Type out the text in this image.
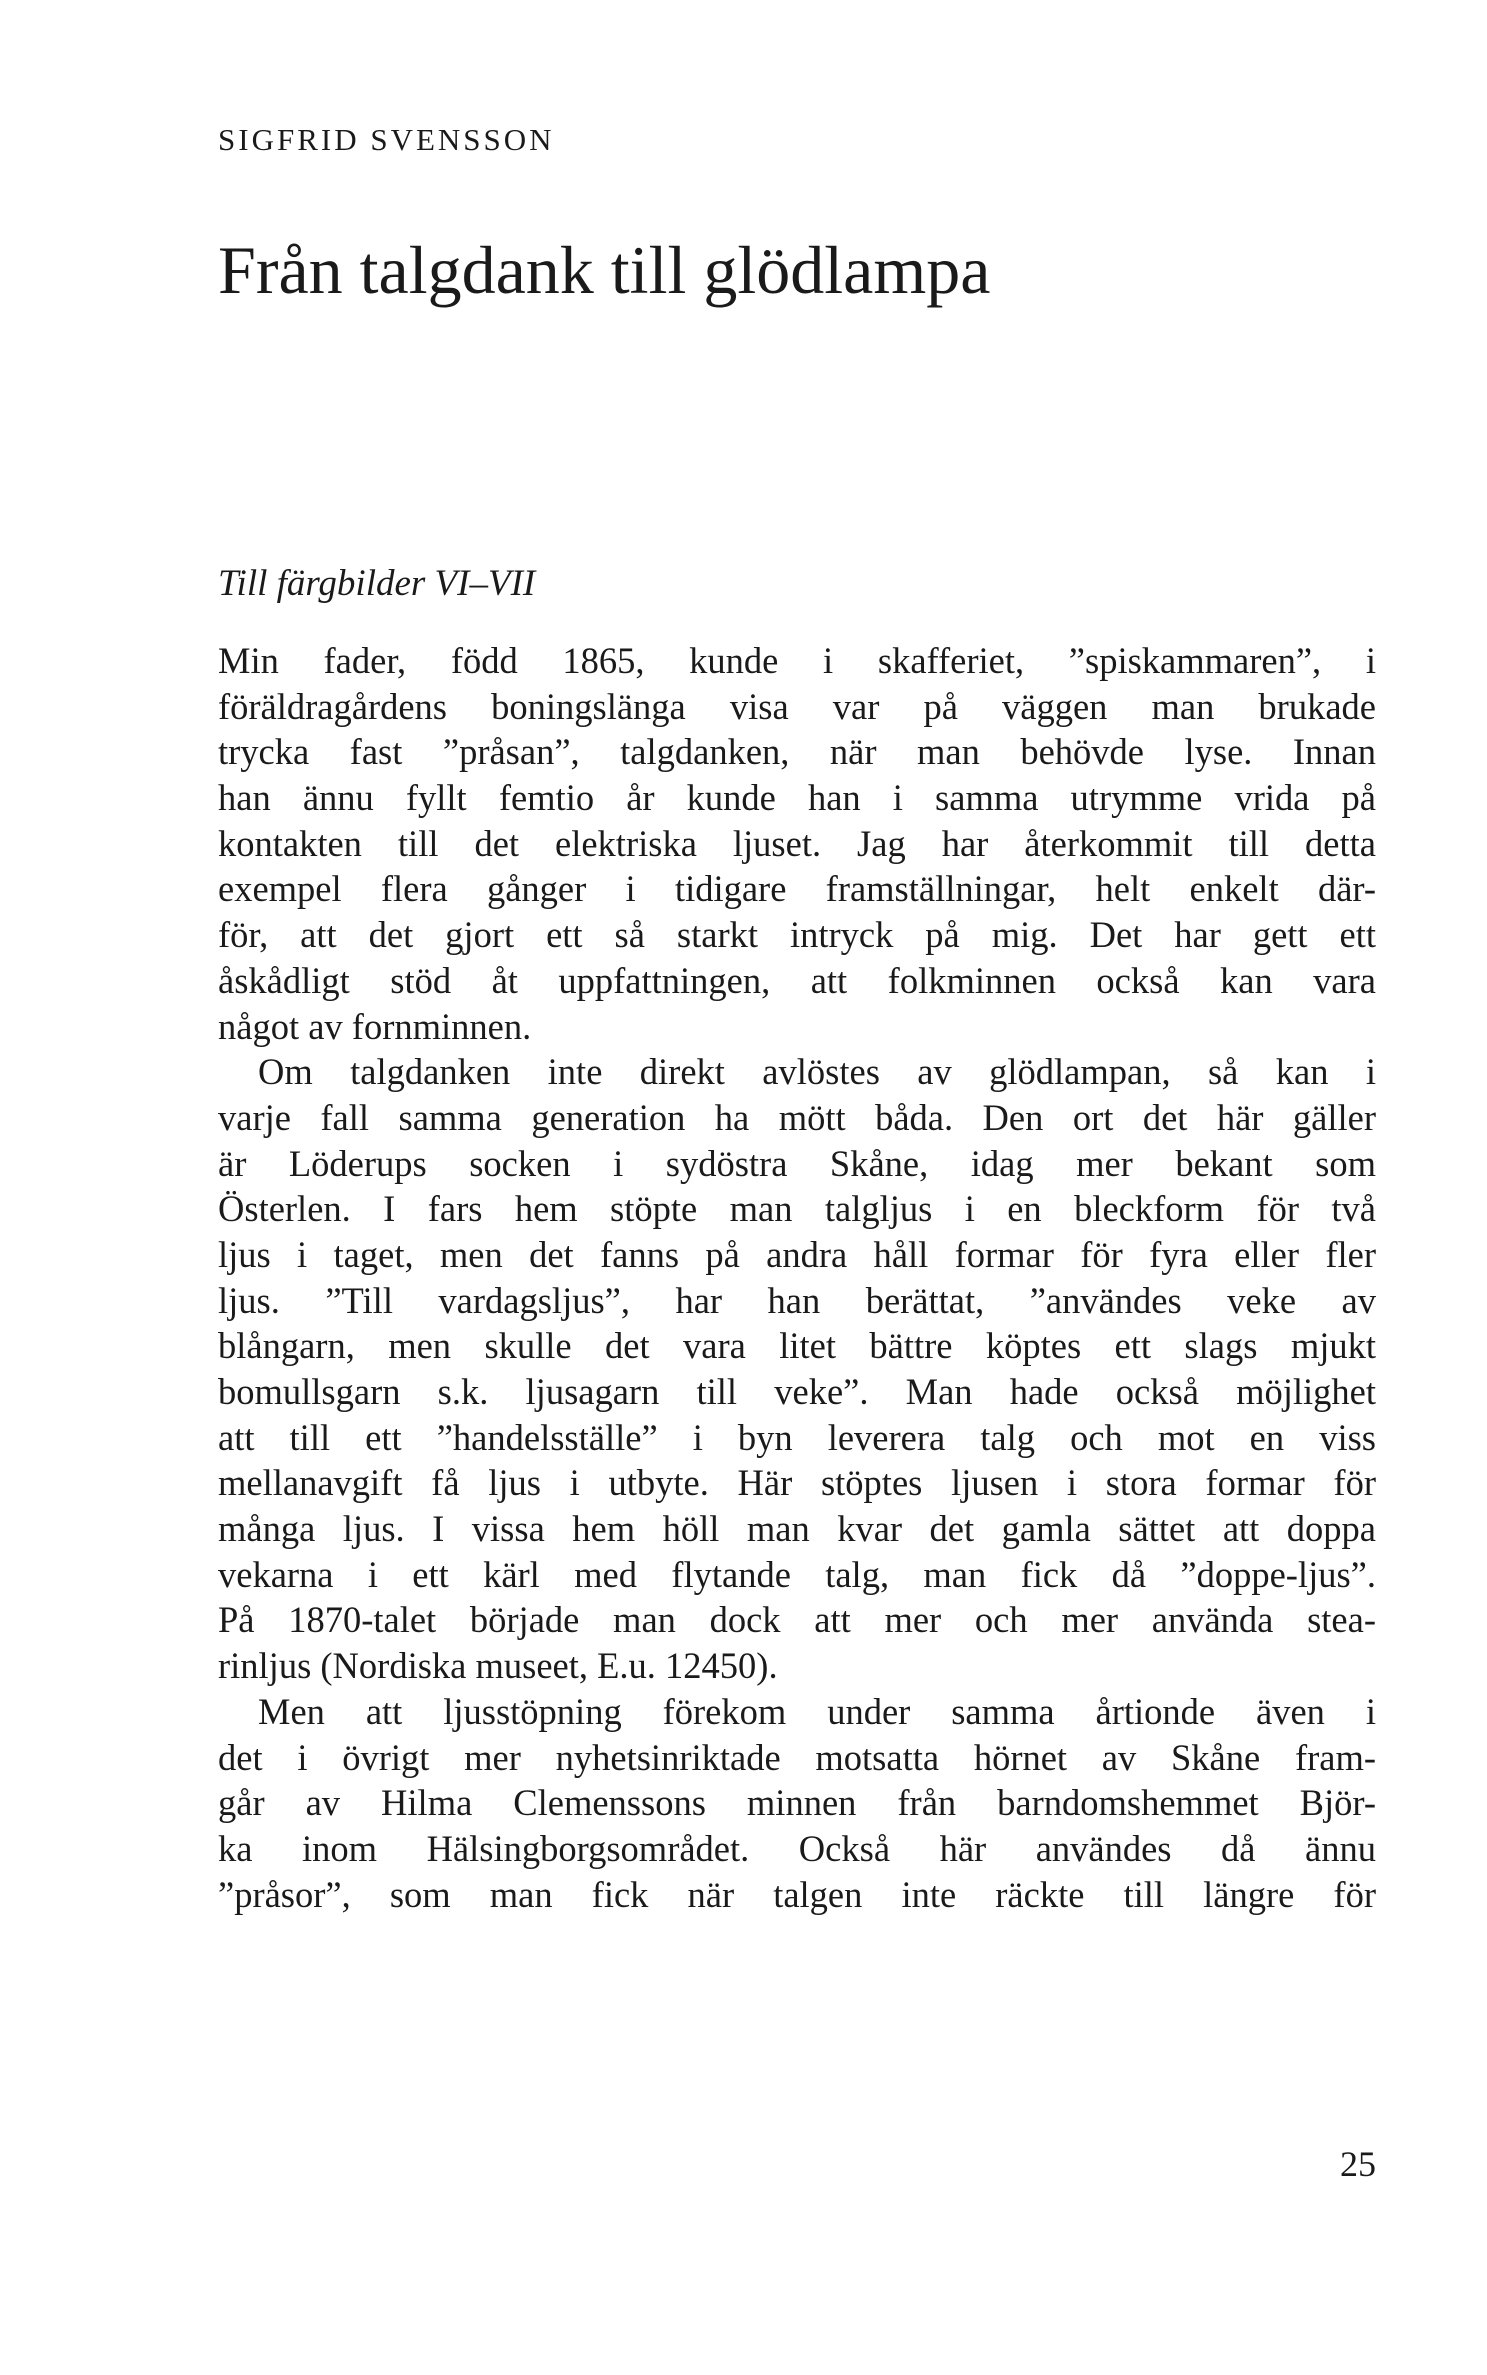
SIGFRID SVENSSON
Från talgdank till glödlampa
Till färgbilder VI–VII
Min fader, född 1865, kunde i skafferiet, ”spiskammaren”, i
föräldragårdens boningslänga visa var på väggen man brukade
trycka fast ”pråsan”, talgdanken, när man behövde lyse. Innan
han ännu fyllt femtio år kunde han i samma utrymme vrida på
kontakten till det elektriska ljuset. Jag har återkommit till detta
exempel flera gånger i tidigare framställningar, helt enkelt där-
för, att det gjort ett så starkt intryck på mig. Det har gett ett
åskådligt stöd åt uppfattningen, att folkminnen också kan vara
något av fornminnen.
Om talgdanken inte direkt avlöstes av glödlampan, så kan i
varje fall samma generation ha mött båda. Den ort det här gäller
är Löderups socken i sydöstra Skåne, idag mer bekant som
Österlen. I fars hem stöpte man talgljus i en bleckform för två
ljus i taget, men det fanns på andra håll formar för fyra eller fler
ljus. ”Till vardagsljus”, har han berättat, ”användes veke av
blångarn, men skulle det vara litet bättre köptes ett slags mjukt
bomullsgarn s.k. ljusagarn till veke”. Man hade också möjlighet
att till ett ”handelsställe” i byn leverera talg och mot en viss
mellanavgift få ljus i utbyte. Här stöptes ljusen i stora formar för
många ljus. I vissa hem höll man kvar det gamla sättet att doppa
vekarna i ett kärl med flytande talg, man fick då ”doppe-ljus”.
På 1870-talet började man dock att mer och mer använda stea-
rinljus (Nordiska museet, E.u. 12450).
Men att ljusstöpning förekom under samma årtionde även i
det i övrigt mer nyhetsinriktade motsatta hörnet av Skåne fram-
går av Hilma Clemenssons minnen från barndomshemmet Björ-
ka inom Hälsingborgsområdet. Också här användes då ännu
”pråsor”, som man fick när talgen inte räckte till längre för
25
